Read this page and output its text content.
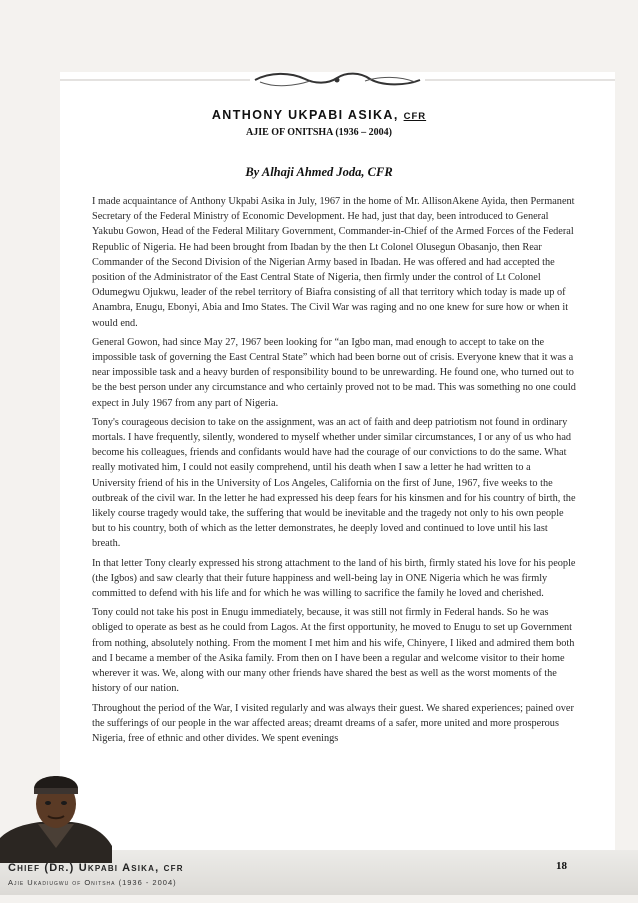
ANTHONY UKPABI ASIKA, CFR
AJIE OF ONITSHA (1936 – 2004)
By Alhaji Ahmed Joda, CFR

I made acquaintance of Anthony Ukpabi Asika in July, 1967 in the home of Mr. AllisonAkene Ayida, then Permanent Secretary of the Federal Ministry of Economic Development. He had, just that day, been introduced to General Yakubu Gowon, Head of the Federal Military Government, Commander-in-Chief of the Armed Forces of the Federal Republic of Nigeria. He had been brought from Ibadan by the then Lt Colonel Olusegun Obasanjo, then Rear Commander of the Second Division of the Nigerian Army based in Ibadan. He was offered and had accepted the position of the Administrator of the East Central State of Nigeria, then firmly under the control of Lt Colonel Odumegwu Ojukwu, leader of the rebel territory of Biafra consisting of all that territory which today is made up of Anambra, Enugu, Ebonyi, Abia and Imo States. The Civil War was raging and no one knew for sure how or when it would end.

General Gowon, had since May 27, 1967 been looking for “an Igbo man, mad enough to accept to take on the impossible task of governing the East Central State” which had been borne out of crisis. Everyone knew that it was a near impossible task and a heavy burden of responsibility bound to be unrewarding. He found one, who turned out to be the best person under any circumstance and who certainly proved not to be mad. This was something no one could expect in July 1967 from any part of Nigeria.

Tony's courageous decision to take on the assignment, was an act of faith and deep patriotism not found in ordinary mortals. I have frequently, silently, wondered to myself whether under similar circumstances, I or any of us who had become his colleagues, friends and confidants would have had the courage of our convictions to do the same. What really motivated him, I could not easily comprehend, until his death when I saw a letter he had written to a University friend of his in the University of Los Angeles, California on the first of June, 1967, five weeks to the outbreak of the civil war. In the letter he had expressed his deep fears for his kinsmen and for his country of birth, the likely course tragedy would take, the suffering that would be inevitable and the tragedy not only to his own people but to his country, both of which as the letter demonstrates, he deeply loved and continued to love until his last breath.

In that letter Tony clearly expressed his strong attachment to the land of his birth, firmly stated his love for his people (the Igbos) and saw clearly that their future happiness and well-being lay in ONE Nigeria which he was firmly committed to defend with his life and for which he was willing to sacrifice the family he loved and cherished.

Tony could not take his post in Enugu immediately, because, it was still not firmly in Federal hands. So he was obliged to operate as best as he could from Lagos. At the first opportunity, he moved to Enugu to set up Government from nothing, absolutely nothing. From the moment I met him and his wife, Chinyere, I liked and admired them both and I became a member of the Asika family. From then on I have been a regular and welcome visitor to their home wherever it was. We, along with our many other friends have shared the best as well as the worst moments of the history of our nation.

Throughout the period of the War, I visited regularly and was always their guest. We shared experiences; pained over the sufferings of our people in the war affected areas; dreamt dreams of a safer, more united and more prosperous Nigeria, free of ethnic and other divides. We spent evenings

Chief (Dr.) Ukpabi Asika, cfr
Ajie Ukadiugwu of Onitsha (1936 - 2004)
18
